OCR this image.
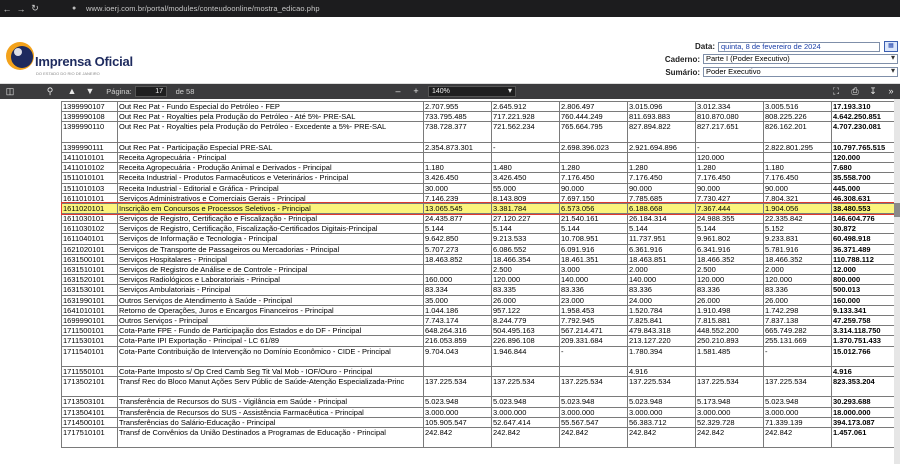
← → ↻	●	www.ioerj.com.br/portal/modules/conteudoonline/mostra_edicao.php
Imprensa Oficial
DO ESTADO DO RIO DE JANEIRO
Data: quinta, 8 de fevereiro de 2024	▦
Caderno: Parte I (Poder Executivo) ▾
Sumário: Poder Executivo ▾
◫	⚲	▲ ▼	Página:	17	de 58	–	+	140% ▾	⛶	⎙ ↧	»
1399990107	Out Rec Pat - Fundo Especial do Petróleo - FEP	2.707.955	2.645.912	2.806.497	3.015.096	3.012.334	3.005.516	17.193.310
1399990108	Out Rec Pat - Royalties pela Produção do Petróleo - Até 5%- PRE-SAL	733.795.485	717.221.928	760.444.249	811.693.883	810.870.080	808.225.226	4.642.250.851
1399990110	Out Rec Pat - Royalties pela Produção do Petróleo - Excedente a 5%- PRE-SAL	738.728.377	721.562.234	765.664.795	827.894.822	827.217.651	826.162.201	4.707.230.081
1399990111	Out Rec Pat - Participação Especial PRE-SAL	2.354.873.301	-	2.698.396.023	2.921.694.896	-	2.822.801.295	10.797.765.515
1411010101	Receita Agropecuária - Principal					120.000		120.000
1411010102	Receita Agropecuária - Produção Animal e Derivados - Principal	1.180	1.480	1.280	1.280	1.280	1.180	7.680
1511010101	Receita Industrial - Produtos Farmacêuticos e Veterinários - Principal	3.426.450	3.426.450	7.176.450	7.176.450	7.176.450	7.176.450	35.558.700
1511010103	Receita Industrial - Editorial e Gráfica - Principal	30.000	55.000	90.000	90.000	90.000	90.000	445.000
1611010101	Serviços Administrativos e Comerciais Gerais - Principal	7.146.239	8.143.809	7.697.150	7.785.685	7.730.427	7.804.321	46.308.631
1611020101	Inscrição em Concursos e Processos Seletivos - Principal	13.065.545	3.381.784	6.573.056	6.188.668	7.367.444	1.904.056	38.480.553
1611030101	Serviços de Registro, Certificação e Fiscalização - Principal	24.435.877	27.120.227	21.540.161	26.184.314	24.988.355	22.335.842	146.604.776
1611030102	Serviços de Registro, Certificação, Fiscalização-Certificados Digitais-Principal	5.144	5.144	5.144	5.144	5.144	5.152	30.872
1611040101	Serviços de Informação e Tecnologia - Principal	9.642.850	9.213.533	10.708.951	11.737.951	9.961.802	9.233.831	60.498.918
1621020101	Serviços de Transporte de Passageiros ou Mercadorias - Principal	5.707.273	6.086.552	6.091.916	6.361.916	6.341.916	5.781.916	36.371.489
1631500101	Serviços Hospitalares - Principal	18.463.852	18.466.354	18.461.351	18.463.851	18.466.352	18.466.352	110.788.112
1631510101	Serviços de Registro de Análise e de Controle - Principal		2.500	3.000	2.000	2.500	2.000	12.000
1631520101	Serviços Radiológicos e Laboratoriais - Principal	160.000	120.000	140.000	140.000	120.000	120.000	800.000
1631530101	Serviços Ambulatoriais - Principal	83.334	83.335	83.336	83.336	83.336	83.336	500.013
1631990101	Outros Serviços de Atendimento à Saúde - Principal	35.000	26.000	23.000	24.000	26.000	26.000	160.000
1641010101	Retorno de Operações, Juros e Encargos Financeiros - Principal	1.044.186	957.122	1.958.453	1.520.784	1.910.498	1.742.298	9.133.341
1699990101	Outros Serviços - Principal	7.743.174	8.244.779	7.792.945	7.825.841	7.815.881	7.837.138	47.259.758
1711500101	Cota-Parte FPE - Fundo de Participação dos Estados e do DF - Principal	648.264.316	504.495.163	567.214.471	479.843.318	448.552.200	665.749.282	3.314.118.750
1711530101	Cota-Parte IPI Exportação - Principal - LC 61/89	216.053.859	226.896.108	209.331.684	213.127.220	250.210.893	255.131.669	1.370.751.433
1711540101	Cota-Parte Contribuição de Intervenção no Domínio Econômico - CIDE - Principal	9.704.043	1.946.844	-	1.780.394	1.581.485	-	15.012.766
1711550101	Cota-Parte Imposto s/ Op Cred Camb Seg Tit Val Mob - IOF/Ouro - Principal				4.916			4.916
1713502101	Transf Rec do Bloco Manut Ações Serv Públic de Saúde-Atenção Especializada-Princ	137.225.534	137.225.534	137.225.534	137.225.534	137.225.534	137.225.534	823.353.204
1713503101	Transferência de Recursos do SUS - Vigilância em Saúde - Principal	5.023.948	5.023.948	5.023.948	5.023.948	5.173.948	5.023.948	30.293.688
1713504101	Transferência de Recursos do SUS - Assistência Farmacêutica - Principal	3.000.000	3.000.000	3.000.000	3.000.000	3.000.000	3.000.000	18.000.000
1714500101	Transferências do Salário-Educação - Principal	105.905.547	52.647.414	55.567.547	56.383.712	52.329.728	71.339.139	394.173.087
1717510101	Transf de Convênios da União Destinados a Programas de Educação - Principal	242.842	242.842	242.842	242.842	242.842	242.842	1.457.061
